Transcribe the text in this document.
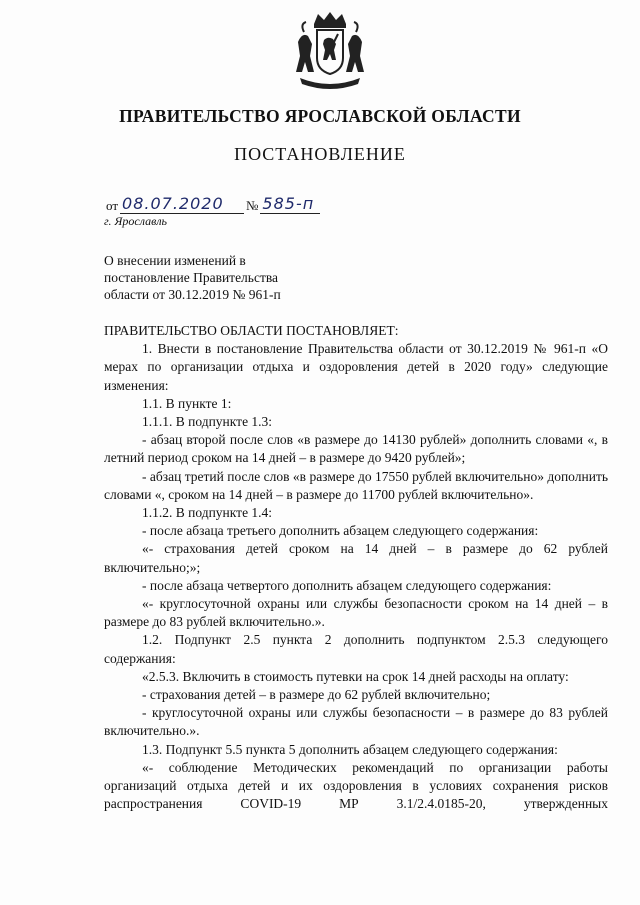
ПРАВИТЕЛЬСТВО ЯРОСЛАВСКОЙ ОБЛАСТИ
ПОСТАНОВЛЕНИЕ
от 08.07.2020	№ 585-п
г. Ярославль
О внесении изменений в
постановление Правительства
области от 30.12.2019 № 961-п

ПРАВИТЕЛЬСТВО ОБЛАСТИ ПОСТАНОВЛЯЕТ:

1. Внести в постановление Правительства области от 30.12.2019 № 961-п «О мерах по организации отдыха и оздоровления детей в 2020 году» следующие изменения:

1.1. В пункте 1:

1.1.1. В подпункте 1.3:

- абзац второй после слов «в размере до 14130 рублей» дополнить словами «, в летний период сроком на 14 дней – в размере до 9420 рублей»;

- абзац третий после слов «в размере до 17550 рублей включительно» дополнить словами «, сроком на 14 дней – в размере до 11700 рублей включительно».

1.1.2. В подпункте 1.4:

- после абзаца третьего дополнить абзацем следующего содержания:

«- страхования детей сроком на 14 дней – в размере до 62 рублей включительно;»;

- после абзаца четвертого дополнить абзацем следующего содержания:

«- круглосуточной охраны или службы безопасности сроком на 14 дней – в размере до 83 рублей включительно.».

1.2. Подпункт 2.5 пункта 2 дополнить подпунктом 2.5.3 следующего содержания:

«2.5.3. Включить в стоимость путевки на срок 14 дней расходы на оплату:

- страхования детей – в размере до 62 рублей включительно;

- круглосуточной охраны или службы безопасности – в размере до 83 рублей включительно.».

1.3. Подпункт 5.5 пункта 5 дополнить абзацем следующего содержания:

«- соблюдение Методических рекомендаций по организации работы организаций отдыха детей и их оздоровления в условиях сохранения рисков распространения COVID-19 МР 3.1/2.4.0185-20, утвержденных
